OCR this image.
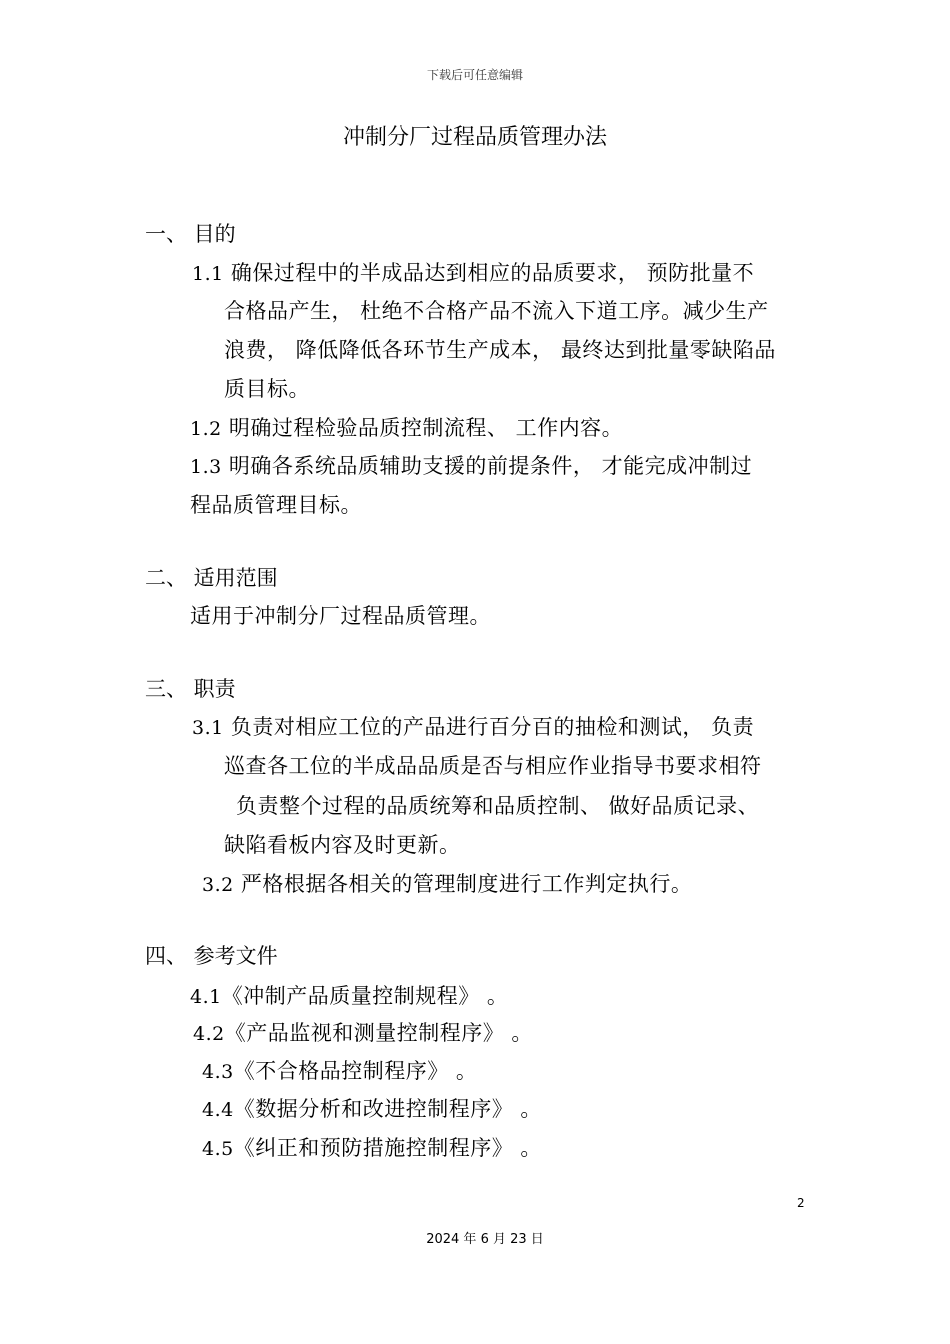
下载后可任意编辑
冲制分厂过程品质管理办法
一、 目的
1.1 确保过程中的半成品达到相应的品质要求， 预防批量不
合格品产生， 杜绝不合格产品不流入下道工序。减少生产
浪费， 降低降低各环节生产成本， 最终达到批量零缺陷品
质目标。
1.2 明确过程检验品质控制流程、 工作内容。
1.3 明确各系统品质辅助支援的前提条件， 才能完成冲制过
程品质管理目标。
二、 适用范围
适用于冲制分厂过程品质管理。
三、 职责
3.1 负责对相应工位的产品进行百分百的抽检和测试， 负责
巡查各工位的半成品品质是否与相应作业指导书要求相符
负责整个过程的品质统筹和品质控制、 做好品质记录、
缺陷看板内容及时更新。
3.2 严格根据各相关的管理制度进行工作判定执行。
四、 参考文件
4.1《冲制产品质量控制规程》 。
4.2《产品监视和测量控制程序》 。
4.3《不合格品控制程序》 。
4.4《数据分析和改进控制程序》 。
4.5《纠正和预防措施控制程序》 。
2
2024 年 6 月 23 日
